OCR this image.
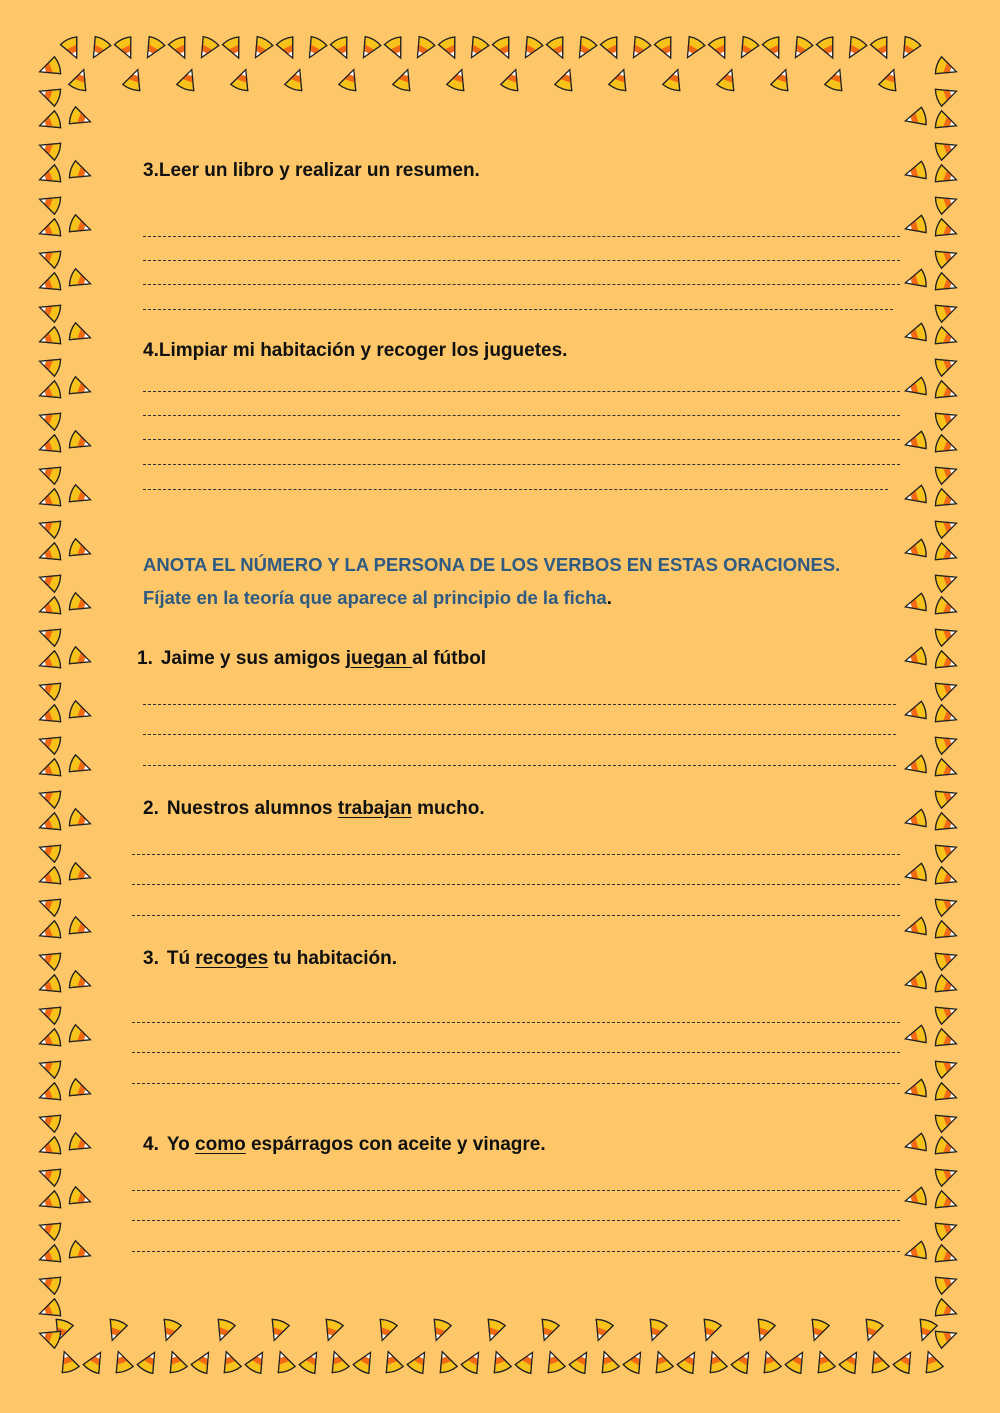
3.Leer un libro y realizar un resumen.
4.Limpiar mi habitación y recoger los juguetes.
ANOTA EL NÚMERO Y LA PERSONA DE LOS VERBOS EN ESTAS ORACIONES.
Fíjate en la teoría que aparece al principio de la ficha.
1. Jaime y sus amigos juegan al fútbol
2. Nuestros alumnos trabajan mucho.
3. Tú recoges tu habitación.
4. Yo como espárragos con aceite y vinagre.
